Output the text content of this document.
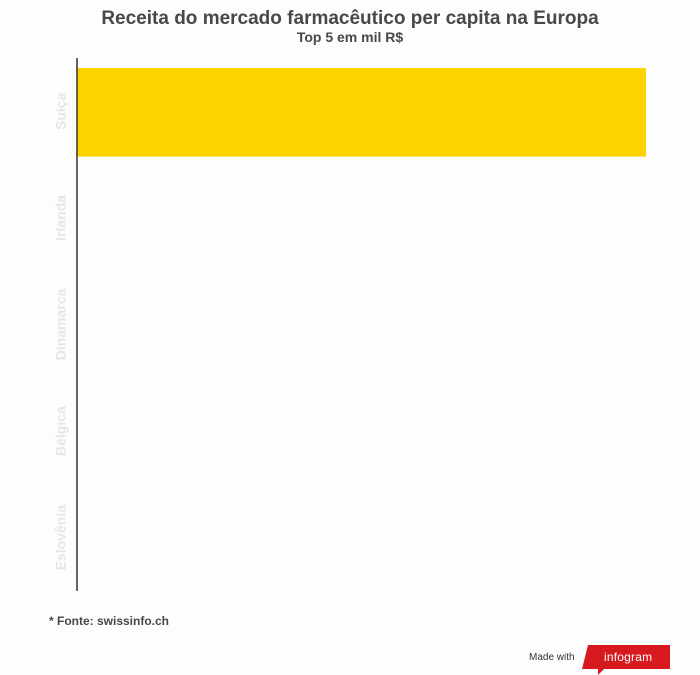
Suiça
Irlanda
Dinamarca
Bélgica
Eslovênia
Receita do mercado farmacêutico per capita na Europa
Top 5 em mil R$
* Fonte: swissinfo.ch
Made with infogram
